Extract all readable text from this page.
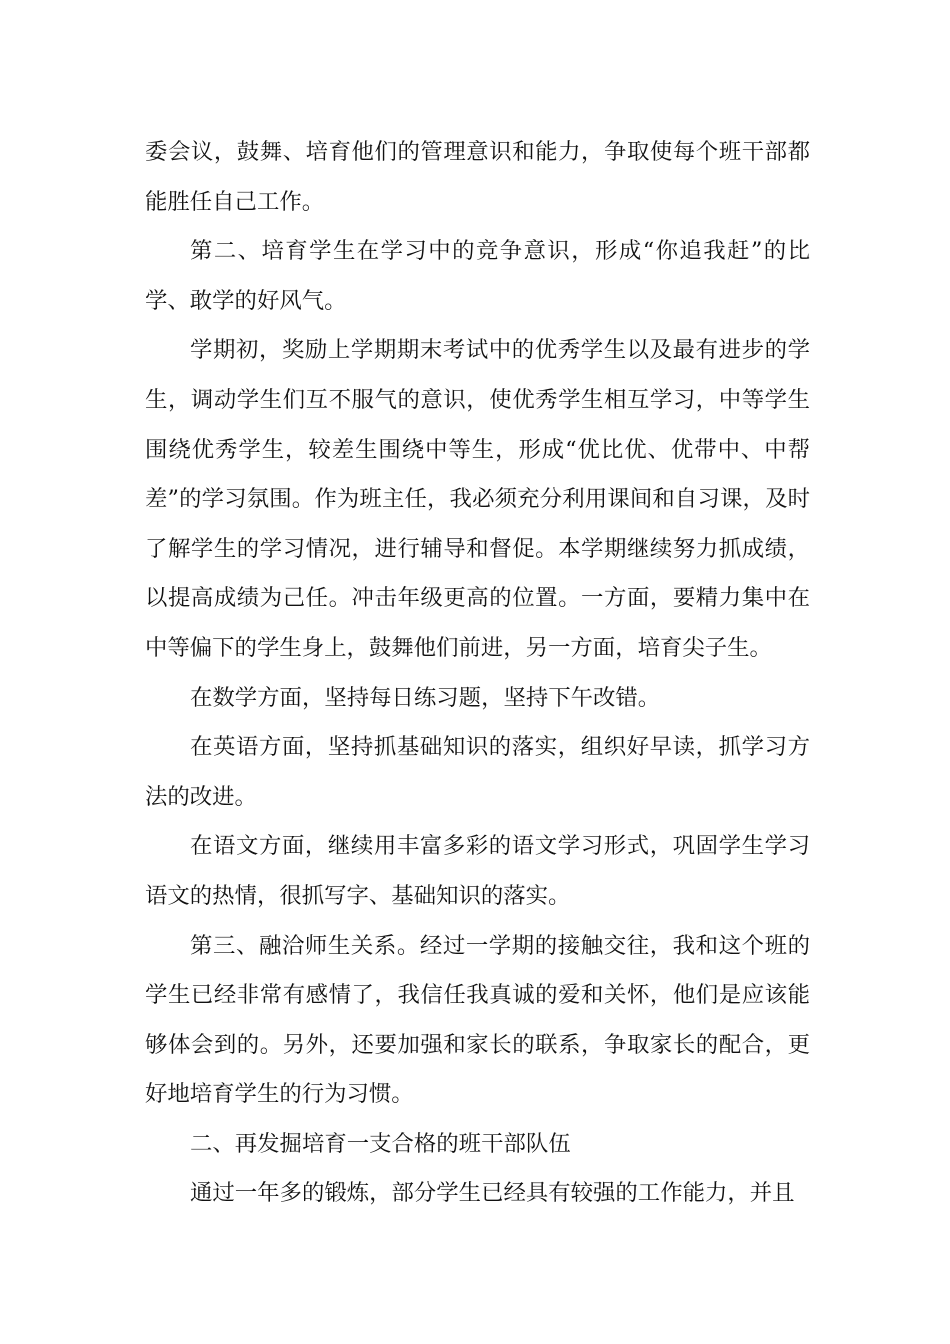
委会议，鼓舞、培育他们的管理意识和能力，争取使每个班干部都能胜任自己工作。

第二、培育学生在学习中的竞争意识，形成“你追我赶”的比学、敢学的好风气。

学期初，奖励上学期期末考试中的优秀学生以及最有进步的学生，调动学生们互不服气的意识，使优秀学生相互学习，中等学生围绕优秀学生，较差生围绕中等生，形成“优比优、优带中、中帮差”的学习氛围。作为班主任，我必须充分利用课间和自习课，及时了解学生的学习情况，进行辅导和督促。本学期继续努力抓成绩，以提高成绩为己任。冲击年级更高的位置。一方面，要精力集中在中等偏下的学生身上，鼓舞他们前进，另一方面，培育尖子生。

在数学方面，坚持每日练习题，坚持下午改错。

在英语方面，坚持抓基础知识的落实，组织好早读，抓学习方法的改进。

在语文方面，继续用丰富多彩的语文学习形式，巩固学生学习语文的热情，很抓写字、基础知识的落实。

第三、融洽师生关系。经过一学期的接触交往，我和这个班的学生已经非常有感情了，我信任我真诚的爱和关怀，他们是应该能够体会到的。另外，还要加强和家长的联系，争取家长的配合，更好地培育学生的行为习惯。

二、再发掘培育一支合格的班干部队伍

通过一年多的锻炼，部分学生已经具有较强的工作能力，并且
